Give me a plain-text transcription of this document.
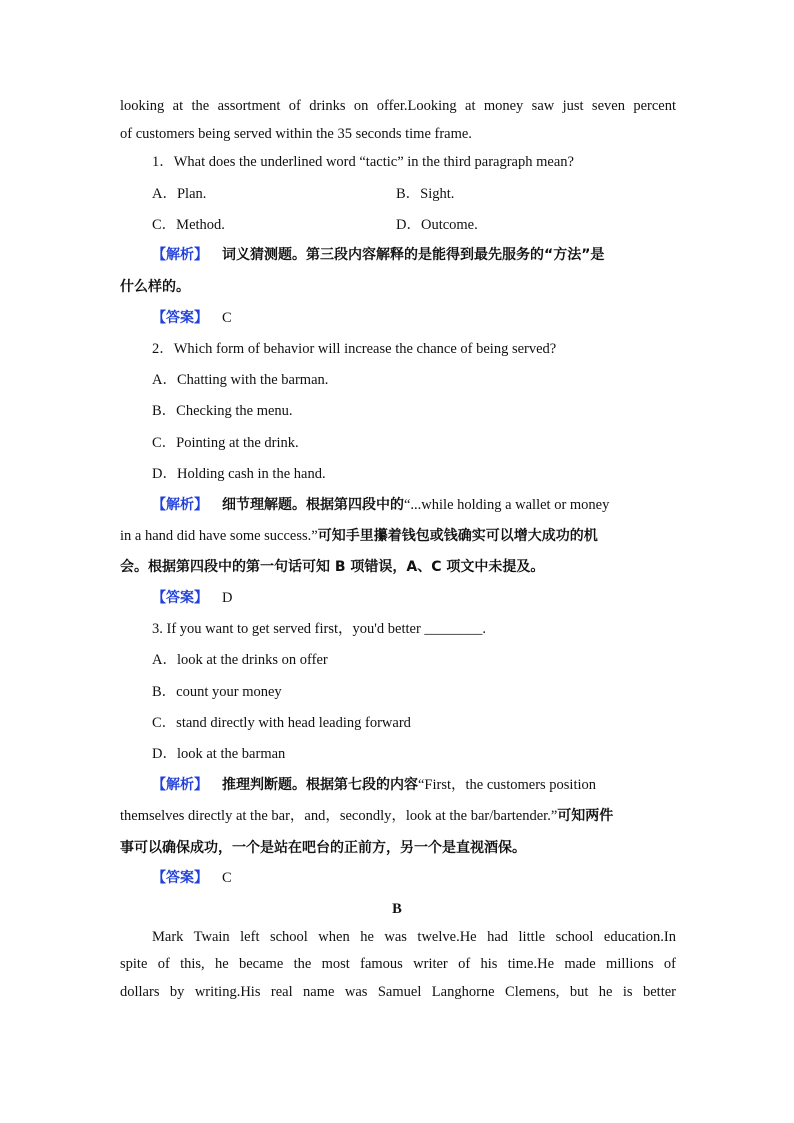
looking at the assortment of drinks on offer.Looking at money saw just seven percent
of customers being served within the 35 seconds time frame.
1．What does the underlined word “tactic” in the third paragraph mean?
A．Plan.	B．Sight.
C．Method.	D．Outcome.
【解析】 词义猜测题。第三段内容解释的是能得到最先服务的“方法”是
什么样的。
【答案】 C
2．Which form of behavior will increase the chance of being served?
A．Chatting with the barman.
B．Checking the menu.
C．Pointing at the drink.
D．Holding cash in the hand.
【解析】 细节理解题。根据第四段中的“...while holding a wallet or money
in a hand did have some success.”可知手里攥着钱包或钱确实可以增大成功的机
会。根据第四段中的第一句话可知 B 项错误，A、C 项文中未提及。
【答案】 D
3. If you want to get served first，you'd better ________.
A．look at the drinks on offer
B．count your money
C．stand directly with head leading forward
D．look at the barman
【解析】 推理判断题。根据第七段的内容“First，the customers position
themselves directly at the bar，and，secondly，look at the bar/bartender.”可知两件
事可以确保成功，一个是站在吧台的正前方，另一个是直视酒保。
【答案】 C
B
Mark Twain left school when he was twelve.He had little school education.In
spite of this, he became the most famous writer of his time.He made millions of
dollars by writing.His real name was Samuel Langhorne Clemens, but he is better
